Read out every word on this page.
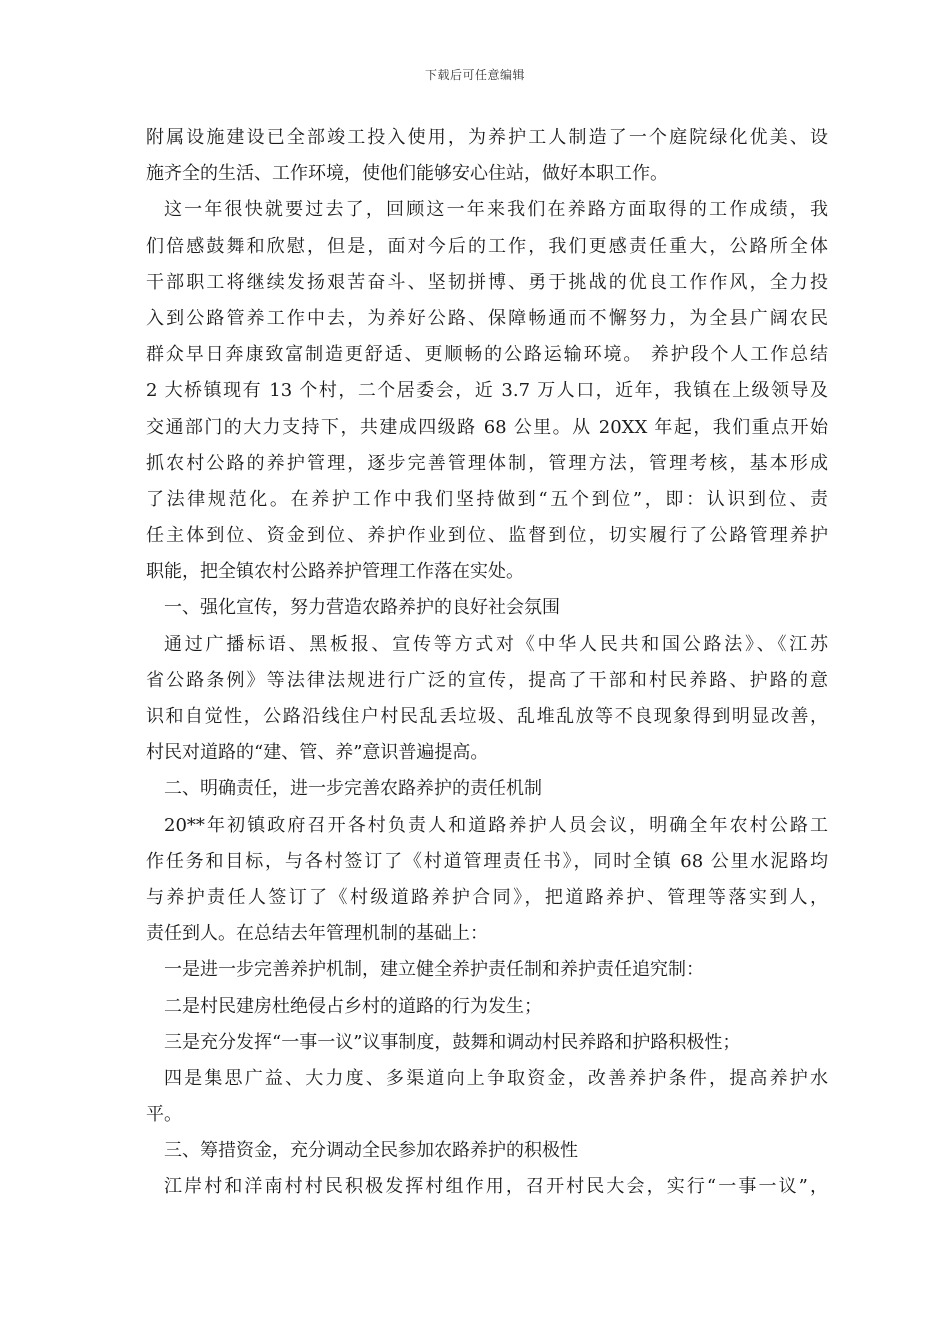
下载后可任意编辑
附属设施建设已全部竣工投入使用，为养护工人制造了一个庭院绿化优美、设
施齐全的生活、工作环境，使他们能够安心住站，做好本职工作。
这一年很快就要过去了，回顾这一年来我们在养路方面取得的工作成绩，我
们倍感鼓舞和欣慰，但是，面对今后的工作，我们更感责任重大，公路所全体
干部职工将继续发扬艰苦奋斗、坚韧拼博、勇于挑战的优良工作作风，全力投
入到公路管养工作中去，为养好公路、保障畅通而不懈努力，为全县广阔农民
群众早日奔康致富制造更舒适、更顺畅的公路运输环境。 养护段个人工作总结
2 大桥镇现有 13 个村，二个居委会，近 3.7 万人口，近年，我镇在上级领导及
交通部门的大力支持下，共建成四级路 68 公里。从 20XX 年起，我们重点开始
抓农村公路的养护管理，逐步完善管理体制，管理方法，管理考核，基本形成
了法律规范化。在养护工作中我们坚持做到“五个到位”，即：认识到位、责
任主体到位、资金到位、养护作业到位、监督到位，切实履行了公路管理养护
职能，把全镇农村公路养护管理工作落在实处。
一、强化宣传，努力营造农路养护的良好社会氛围
通过广播标语、黑板报、宣传等方式对《中华人民共和国公路法》、《江苏
省公路条例》等法律法规进行广泛的宣传，提高了干部和村民养路、护路的意
识和自觉性，公路沿线住户村民乱丢垃圾、乱堆乱放等不良现象得到明显改善，
村民对道路的“建、管、养”意识普遍提高。
二、明确责任，进一步完善农路养护的责任机制
20**年初镇政府召开各村负责人和道路养护人员会议，明确全年农村公路工
作任务和目标，与各村签订了《村道管理责任书》，同时全镇 68 公里水泥路均
与养护责任人签订了《村级道路养护合同》，把道路养护、管理等落实到人，
责任到人。在总结去年管理机制的基础上：
一是进一步完善养护机制，建立健全养护责任制和养护责任追究制：
二是村民建房杜绝侵占乡村的道路的行为发生；
三是充分发挥“一事一议”议事制度，鼓舞和调动村民养路和护路积极性；
四是集思广益、大力度、多渠道向上争取资金，改善养护条件，提高养护水
平。
三、筹措资金，充分调动全民参加农路养护的积极性
江岸村和洋南村村民积极发挥村组作用，召开村民大会，实行“一事一议”，
